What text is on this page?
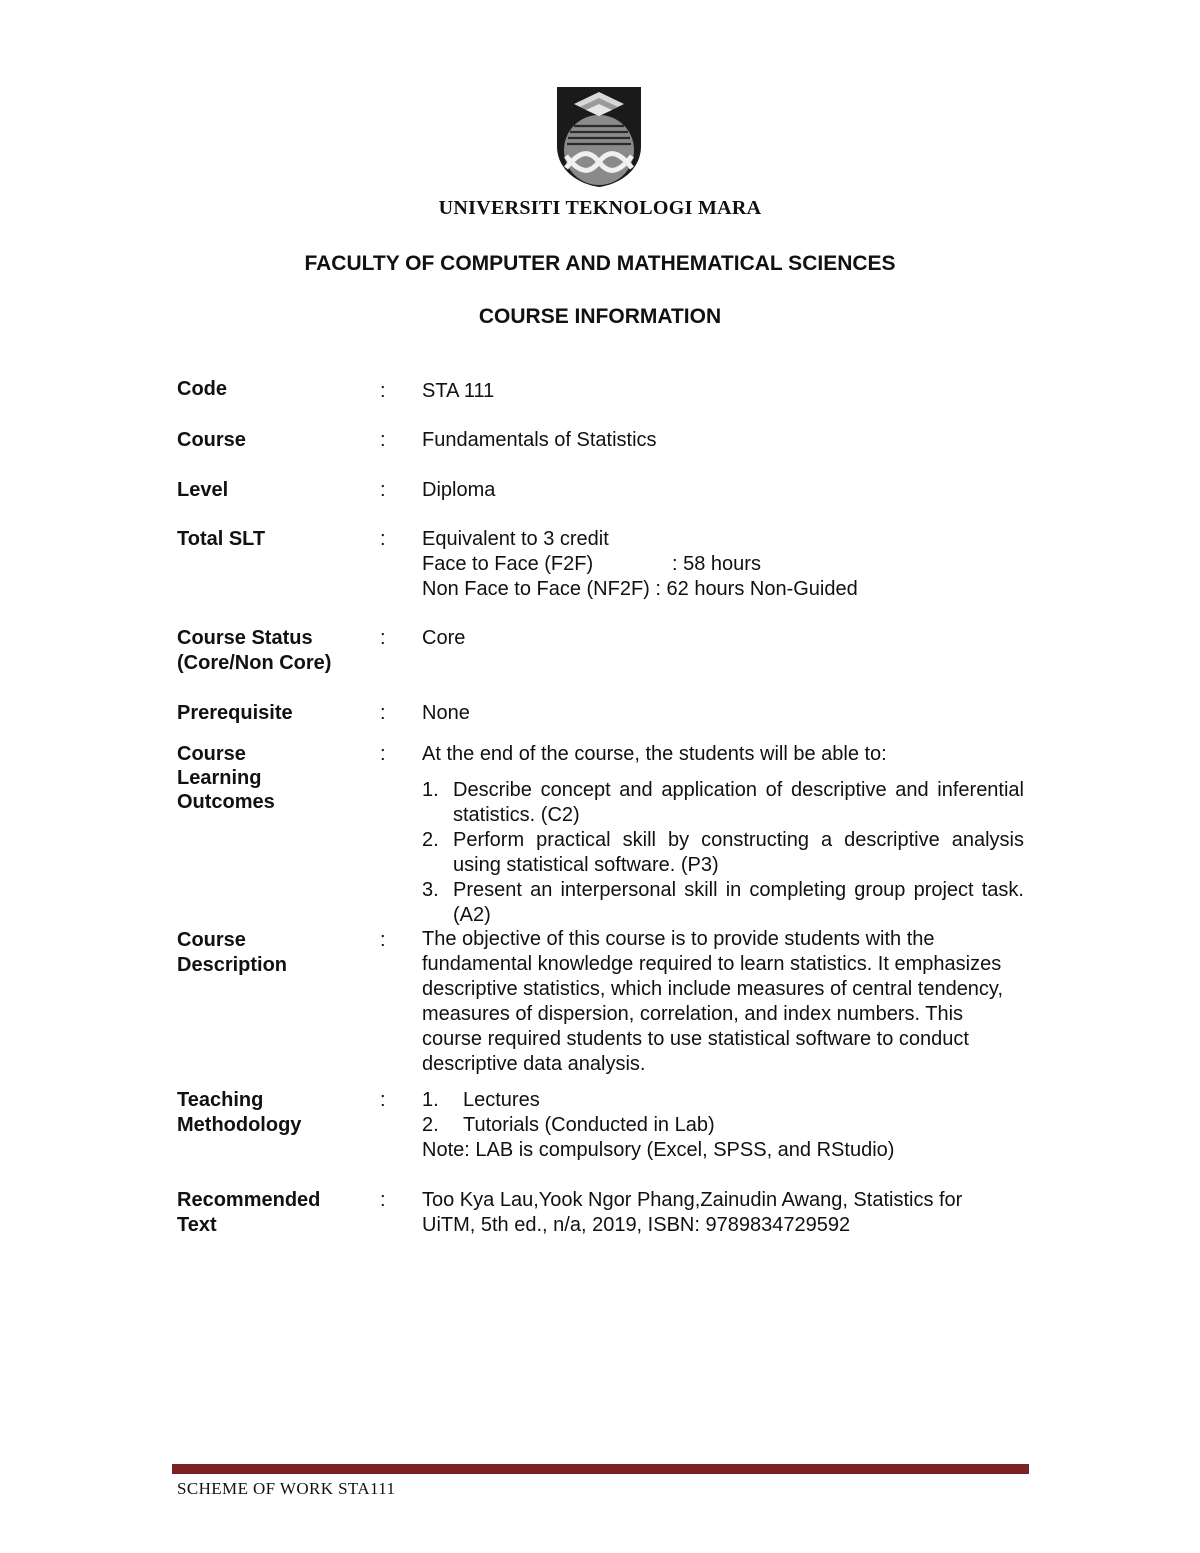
UNIVERSITI TEKNOLOGI MARA
FACULTY OF COMPUTER AND MATHEMATICAL SCIENCES
COURSE INFORMATION
Code	: STA 111
Course	: Fundamentals of Statistics
Level	: Diploma
Total SLT	: Equivalent to 3 credit
Face to Face (F2F)	: 58 hours
Non Face to Face (NF2F) : 62 hours Non-Guided
Course Status
(Core/Non Core)
: Core
Prerequisite	: None
Course
Learning
Outcomes
: At the end of the course, the students will be able to:
1. Describe concept and application of descriptive and inferential statistics. (C2)
2. Perform practical skill by constructing a descriptive analysis using statistical software. (P3)
3. Present an interpersonal skill in completing group project task. (A2)
Course
Description
: The objective of this course is to provide students with the fundamental knowledge required to learn statistics. It emphasizes descriptive statistics, which include measures of central tendency, measures of dispersion, correlation, and index numbers. This course required students to use statistical software to conduct descriptive data analysis.
Teaching
Methodology
: 1. Lectures
2. Tutorials (Conducted in Lab)
Note: LAB is compulsory (Excel, SPSS, and RStudio)
Recommended
Text
: Too Kya Lau,Yook Ngor Phang,Zainudin Awang, Statistics for
UiTM, 5th ed., n/a, 2019, ISBN: 9789834729592
SCHEME OF WORK STA111
